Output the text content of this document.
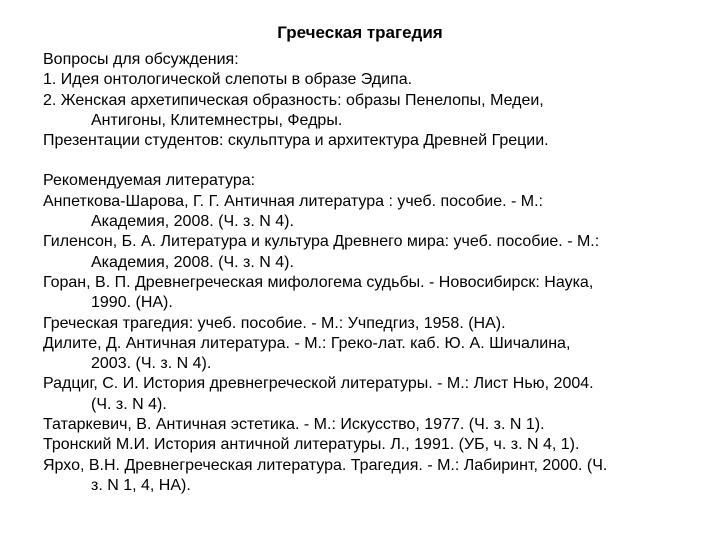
Греческая трагедия
Вопросы для обсуждения:
1. Идея онтологической слепоты в образе Эдипа.
2. Женская архетипическая образность: образы Пенелопы, Медеи,
Антигоны, Клитемнестры, Федры.
Презентации студентов: скульптура и архитектура Древней Греции.
Рекомендуемая литература:
Анпеткова-Шарова, Г. Г. Античная литература : учеб. пособие. - М.:
Академия, 2008. (Ч. з. N 4).
Гиленсон, Б. А. Литература и культура Древнего мира: учеб. пособие. - М.:
Академия, 2008. (Ч. з. N 4).
Горан, В. П. Древнегреческая мифологема судьбы. - Новосибирск: Наука,
1990. (НА).
Греческая трагедия: учеб. пособие. - М.: Учпедгиз, 1958. (НА).
Дилите, Д. Античная литература. - М.: Греко-лат. каб. Ю. А. Шичалина,
2003. (Ч. з. N 4).
Радциг, С. И. История древнегреческой литературы. - М.: Лист Нью, 2004.
(Ч. з. N 4).
Татаркевич, В. Античная эстетика. - М.: Искусство, 1977. (Ч. з. N 1).
Тронский М.И. История античной литературы. Л., 1991. (УБ, ч. з. N 4, 1).
Ярхо, В.Н. Древнегреческая литература. Трагедия. - М.: Лабиринт, 2000. (Ч.
з. N 1, 4, НА).
